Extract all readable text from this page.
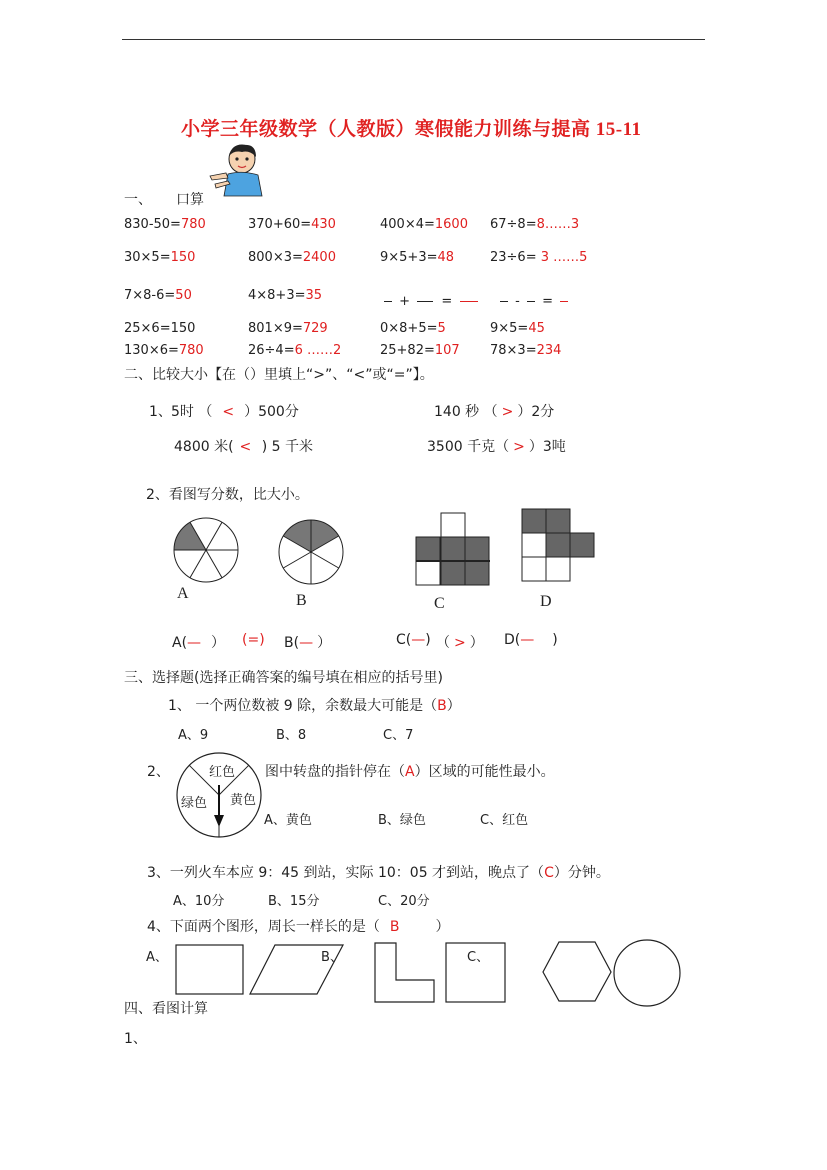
小学三年级数学（人教版）寒假能力训练与提高 15-11
一、 口算
830-50=780	370+60=430	400×4=1600 67÷8=8……3
30×5=150	800×3=2400	9×5+3=48	23÷6= 3 ……5
7×8-6=50	4×8+3=35
25×6=150	801×9=729	0×8+5=5	9×5=45
130×6=780	26÷4=6 ……2	25+82=107 78×3=234
+ =	- =
二、比较大小【在（）里填上“>”、“<”或“=”】。
1、 5时 （ < ）500分	140 秒 （ > ）2分
4800 米( < ) 5 千米	3500 千克（ > ）3吨
2、看图写分数，比大小。
A	B	C	D
A(— ） (=) B(— ）	C(—) （ > ） D(— )
三、选择题(选择正确答案的编号填在相应的括号里)
1、 一个两位数被 9 除，余数最大可能是（B）
A、9	B、8	C、7
2、	红色
绿色 黄色
图中转盘的指针停在（A）区域的可能性最小。
A、黄色	B、绿色	C、红色
3、一列火车本应 9：45 到站，实际 10：05 才到站，晚点了（C）分钟。
A、10分	B、15分	C、20分
4、下面两个图形，周长一样长的是（ B	）
A、	B、	C、
四、看图计算
1、
